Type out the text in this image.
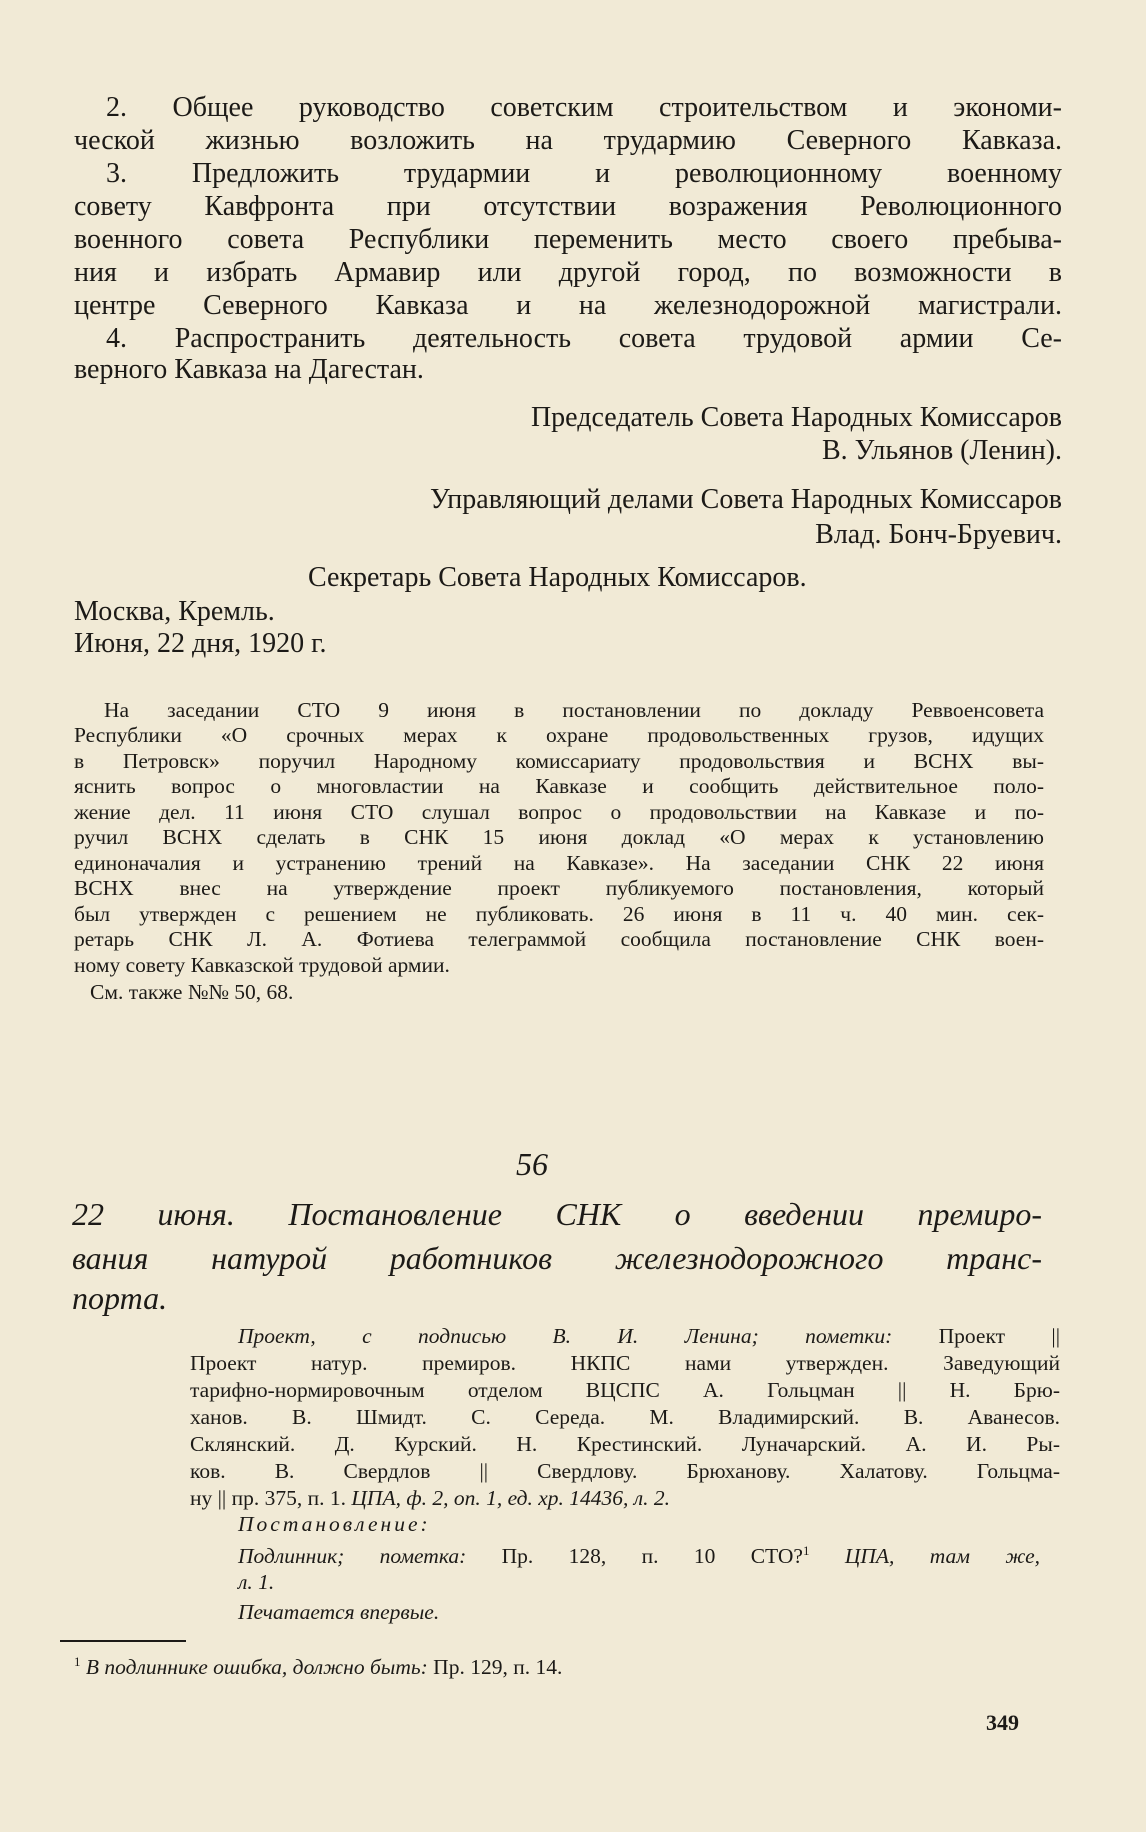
2. Общее руководство советским строительством и экономи-
ческой жизнью возложить на трудармию Северного Кавказа.
3. Предложить трудармии и революционному военному
совету Кавфронта при отсутствии возражения Революционного
военного совета Республики переменить место своего пребыва-
ния и избрать Армавир или другой город, по возможности в
центре Северного Кавказа и на железнодорожной магистрали.
4. Распространить деятельность совета трудовой армии Се-
верного Кавказа на Дагестан.
Председатель Совета Народных Комиссаров
В. Ульянов (Ленин).
Управляющий делами Совета Народных Комиссаров
Влад. Бонч-Бруевич.
Секретарь Совета Народных Комиссаров.
Москва, Кремль.
Июня, 22 дня, 1920 г.
На заседании СТО 9 июня в постановлении по докладу Реввоенсовета
Республики «О срочных мерах к охране продовольственных грузов, идущих
в Петровск» поручил Народному комиссариату продовольствия и ВСНХ вы-
яснить вопрос о многовластии на Кавказе и сообщить действительное поло-
жение дел. 11 июня СТО слушал вопрос о продовольствии на Кавказе и по-
ручил ВСНХ сделать в СНК 15 июня доклад «О мерах к установлению
единоначалия и устранению трений на Кавказе». На заседании СНК 22 июня
ВСНХ внес на утверждение проект публикуемого постановления, который
был утвержден с решением не публиковать. 26 июня в 11 ч. 40 мин. сек-
ретарь СНК Л. А. Фотиева телеграммой сообщила постановление СНК воен-
ному совету Кавказской трудовой армии.
См. также №№ 50, 68.
56
22 июня. Постановление СНК о введении премиро-
вания натурой работников железнодорожного транс-
порта.
Проект, с подписью В. И. Ленина; пометки: Проект ||
Проект натур. премиров. НКПС нами утвержден. Заведующий
тарифно-нормировочным отделом ВЦСПС А. Гольцман || Н. Брю-
ханов. В. Шмидт. С. Середа. М. Владимирский. В. Аванесов.
Склянский. Д. Курский. Н. Крестинский. Луначарский. А. И. Ры-
ков. В. Свердлов || Свердлову. Брюханову. Халатову. Гольцма-
ну || пр. 375, п. 1. ЦПА, ф. 2, оп. 1, ед. хр. 14436, л. 2.
Постановление:
Подлинник; пометка: Пр. 128, п. 10 СТО?$^1$ ЦПА, там же,
л. 1.
Печатается впервые.
$^1$ В подлиннике ошибка, должно быть: Пр. 129, п. 14.
349
